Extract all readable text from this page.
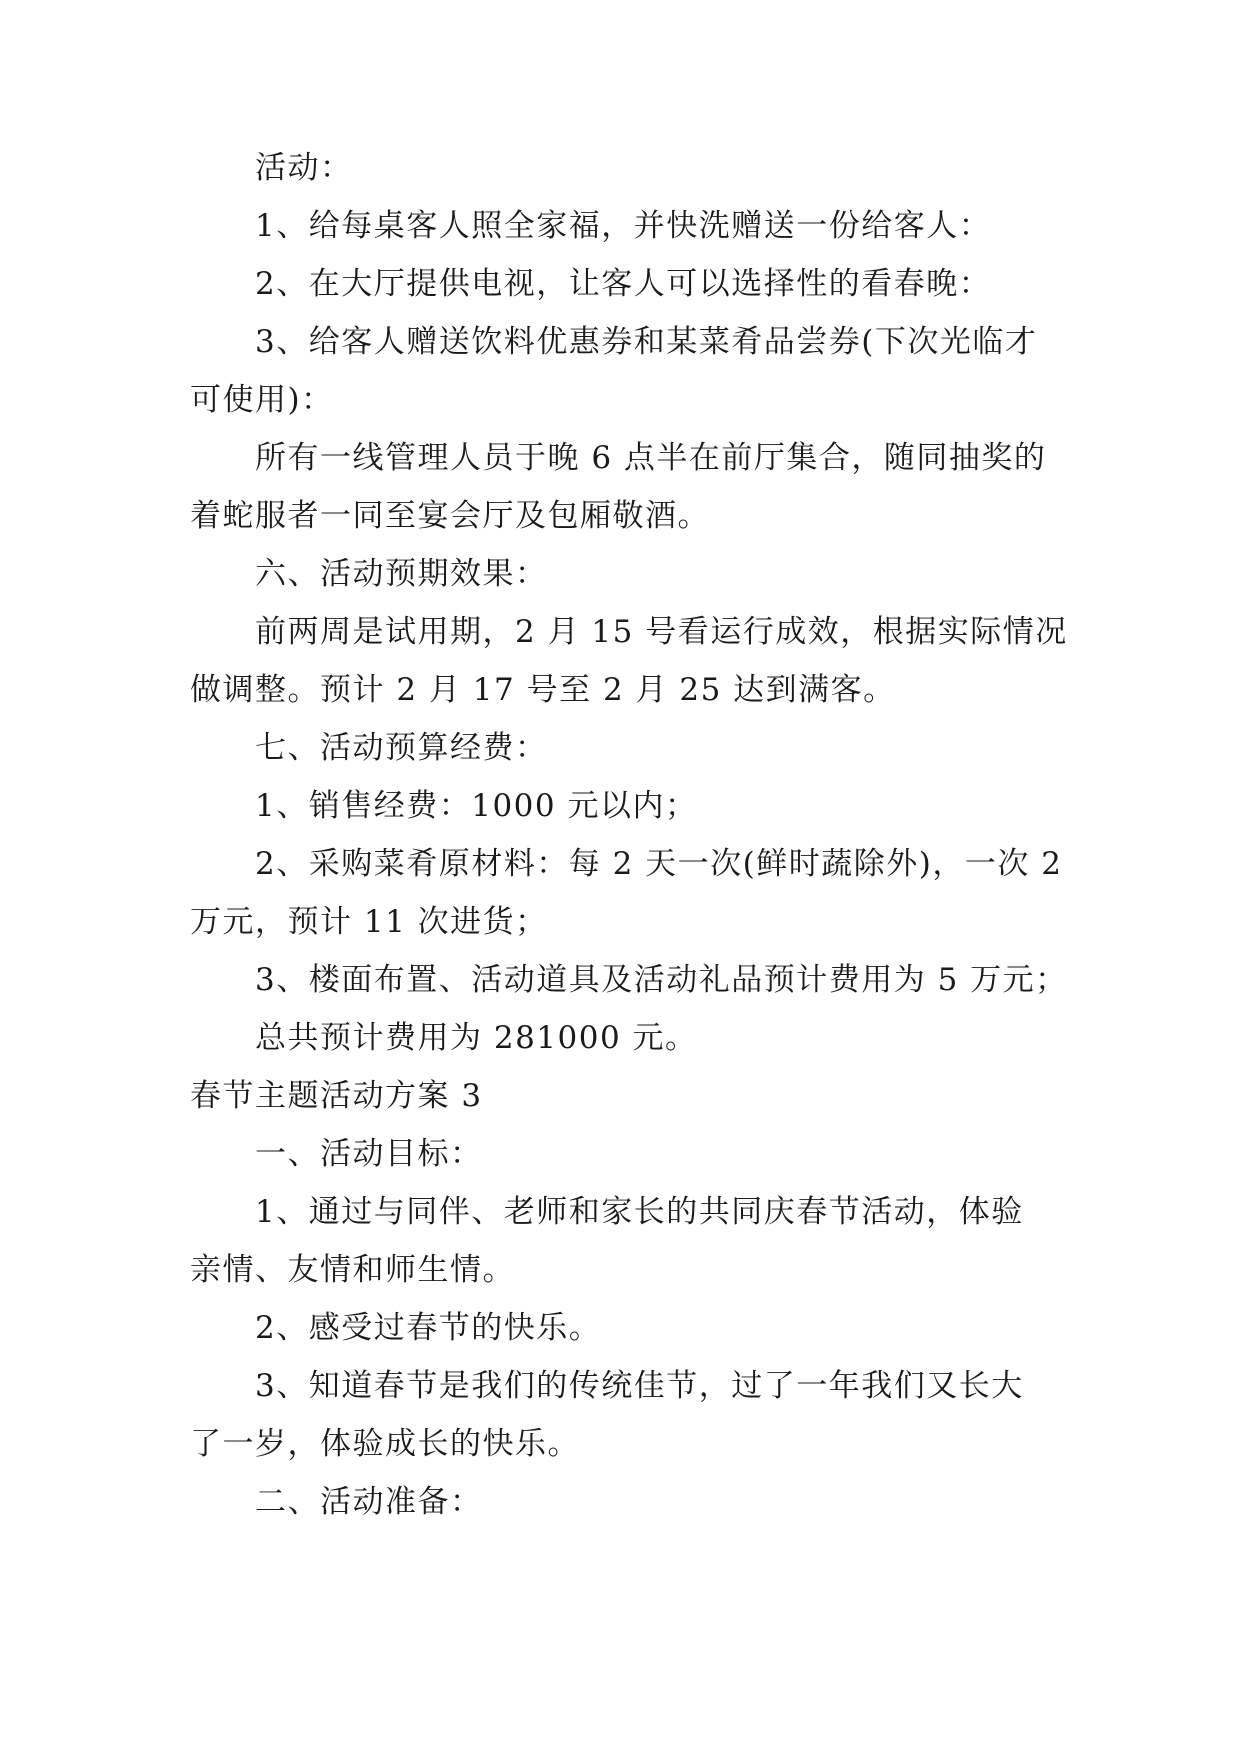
活动：
1、给每桌客人照全家福，并快洗赠送一份给客人：
2、在大厅提供电视，让客人可以选择性的看春晚：
3、给客人赠送饮料优惠券和某菜肴品尝券(下次光临才
可使用)：
所有一线管理人员于晚 6 点半在前厅集合，随同抽奖的
着蛇服者一同至宴会厅及包厢敬酒。
六、活动预期效果：
前两周是试用期，2 月 15 号看运行成效，根据实际情况
做调整。预计 2 月 17 号至 2 月 25 达到满客。
七、活动预算经费：
1、销售经费：1000 元以内；
2、采购菜肴原材料：每 2 天一次(鲜时蔬除外)，一次 2
万元，预计 11 次进货；
3、楼面布置、活动道具及活动礼品预计费用为 5 万元；
总共预计费用为 281000 元。
春节主题活动方案 3
一、活动目标：
1、通过与同伴、老师和家长的共同庆春节活动，体验
亲情、友情和师生情。
2、感受过春节的快乐。
3、知道春节是我们的传统佳节，过了一年我们又长大
了一岁，体验成长的快乐。
二、活动准备：
